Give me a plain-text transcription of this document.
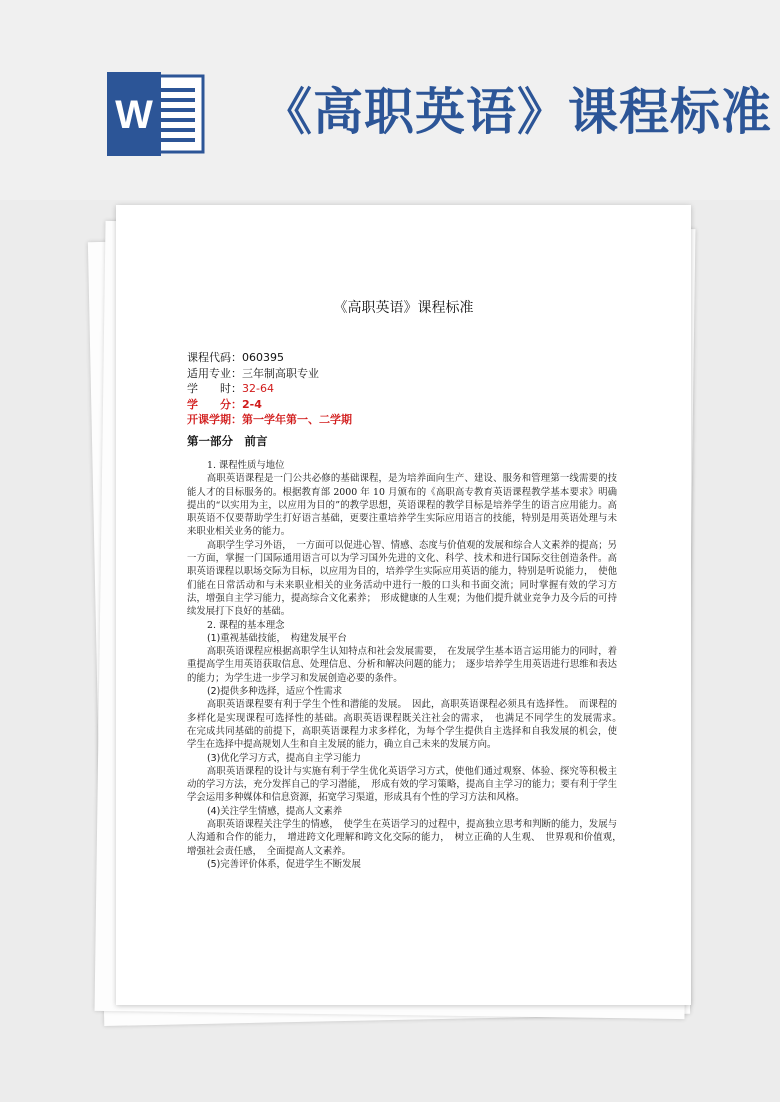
W 《高职英语》课程标准
《高职英语》课程标准
课程代码：060395
适用专业：三年制高职专业
学　　时：32-64
学　　分：2-4
开课学期：第一学年第一、二学期
第一部分　前言

1. 课程性质与地位

高职英语课程是一门公共必修的基础课程，是为培养面向生产、建设、服务和管理第一线需要的技能人才的目标服务的。根据教育部 2000 年 10 月颁布的《高职高专教育英语课程教学基本要求》明确提出的“以实用为主，以应用为目的”的教学思想，英语课程的教学目标是培养学生的语言应用能力。高职英语不仅要帮助学生打好语言基础，更要注重培养学生实际应用语言的技能，特别是用英语处理与未来职业相关业务的能力。

高职学生学习外语，　一方面可以促进心智、情感、态度与价值观的发展和综合人文素养的提高；另一方面，掌握一门国际通用语言可以为学习国外先进的文化、科学、技术和进行国际交往创造条件。高职英语课程以职场交际为目标，以应用为目的，培养学生实际应用英语的能力，特别是听说能力，　使他们能在日常活动和与未来职业相关的业务活动中进行一般的口头和书面交流；同时掌握有效的学习方法，增强自主学习能力，提高综合文化素养；　形成健康的人生观；为他们提升就业竞争力及今后的可持续发展打下良好的基础。

2. 课程的基本理念

(1)重视基础技能，　构建发展平台

高职英语课程应根据高职学生认知特点和社会发展需要，　在发展学生基本语言运用能力的同时，着重提高学生用英语获取信息、处理信息、分析和解决问题的能力；　逐步培养学生用英语进行思维和表达的能力；为学生进一步学习和发展创造必要的条件。

(2)提供多种选择，适应个性需求

高职英语课程要有利于学生个性和潜能的发展。　因此，高职英语课程必须具有选择性。　而课程的多样化是实现课程可选择性的基础。高职英语课程既关注社会的需求，　也满足不同学生的发展需求。　在完成共同基础的前提下，高职英语课程力求多样化，为每个学生提供自主选择和自我发展的机会，使学生在选择中提高规划人生和自主发展的能力，确立自己未来的发展方向。

(3)优化学习方式，提高自主学习能力

高职英语课程的设计与实施有利于学生优化英语学习方式，使他们通过观察、体验、探究等积极主动的学习方法，充分发挥自己的学习潜能，　形成有效的学习策略，提高自主学习的能力；要有利于学生学会运用多种媒体和信息资源，拓宽学习渠道，形成具有个性的学习方法和风格。

(4)关注学生情感，提高人文素养

高职英语课程关注学生的情感，　使学生在英语学习的过程中，提高独立思考和判断的能力，发展与人沟通和合作的能力，　增进跨文化理解和跨文化交际的能力，　树立正确的人生观、　世界观和价值观，　增强社会责任感，　全面提高人文素养。

(5)完善评价体系，促进学生不断发展
